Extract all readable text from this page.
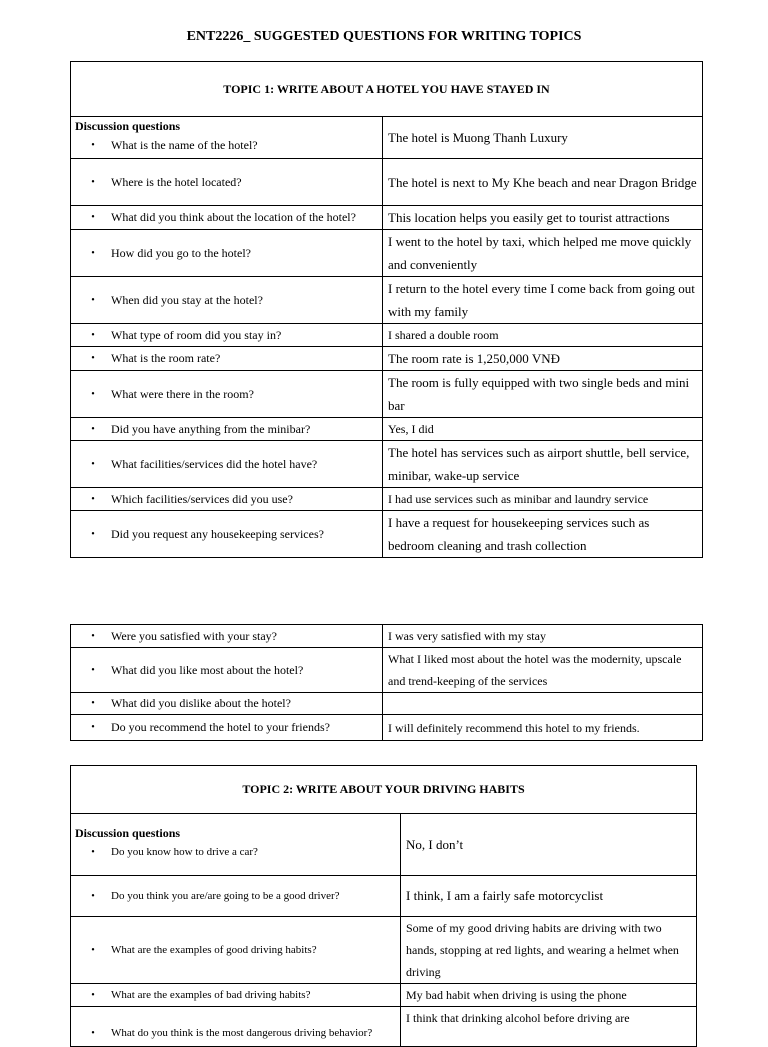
ENT2226_ SUGGESTED QUESTIONS FOR WRITING TOPICS
TOPIC 1: WRITE ABOUT A HOTEL YOU HAVE STAYED IN	

Discussion questions
• What is the name of the hotel?	The hotel is Muong Thanh Luxury

• Where is the hotel located?	The hotel is next to My Khe beach and near Dragon Bridge

• What did you think about the location of the hotel?	This location helps you easily get to tourist attractions

• How did you go to the hotel?	I went to the hotel by taxi, which helped me move quickly and conveniently

• When did you stay at the hotel?	I return to the hotel every time I come back from going out with my family

• What type of room did you stay in?	I shared a double room

• What is the room rate?	The room rate is 1,250,000 VNĐ

• What were there in the room?	The room is fully equipped with two single beds and mini bar

• Did you have anything from the minibar?	Yes, I did

• What facilities/services did the hotel have?	The hotel has services such as airport shuttle, bell service, minibar, wake-up service

• Which facilities/services did you use?	I had use services such as minibar and laundry service

• Did you request any housekeeping services?	I have a request for housekeeping services such as bedroom cleaning and trash collection
• Were you satisfied with your stay?	I was very satisfied with my stay

• What did you like most about the hotel?	What I liked most about the hotel was the modernity, upscale and trend-keeping of the services

• What did you dislike about the hotel?	

• Do you recommend the hotel to your friends?	I will definitely recommend this hotel to my friends.
TOPIC 2: WRITE ABOUT YOUR DRIVING HABITS	

Discussion questions
• Do you know how to drive a car?	No, I don’t

• Do you think you are/are going to be a good driver?	I think, I am a fairly safe motorcyclist

• What are the examples of good driving habits?	Some of my good driving habits are driving with two hands, stopping at red lights, and wearing a helmet when driving

• What are the examples of bad driving habits?	My bad habit when driving is using the phone

• What do you think is the most dangerous driving behavior?	I think that drinking alcohol before driving are
